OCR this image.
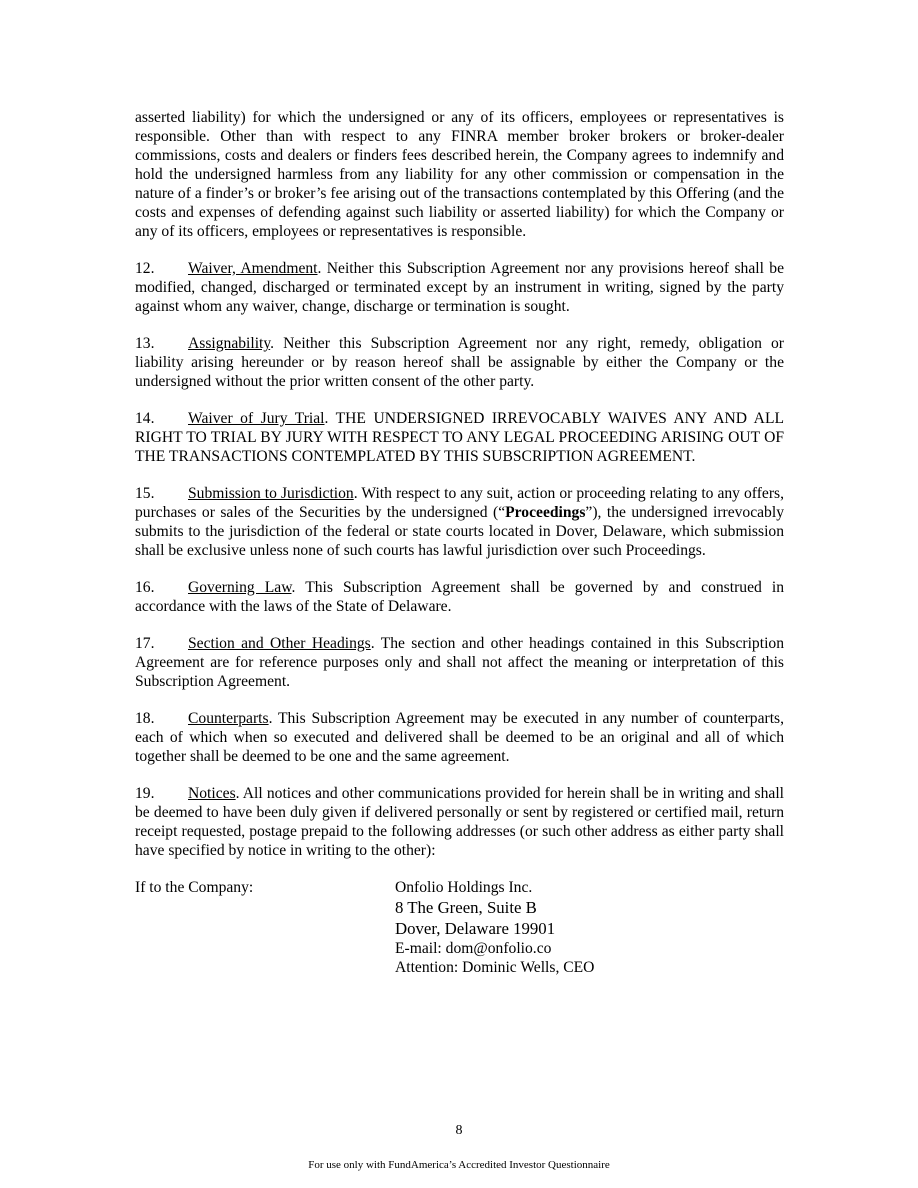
asserted liability) for which the undersigned or any of its officers, employees or representatives is responsible. Other than with respect to any FINRA member broker brokers or broker-dealer commissions, costs and dealers or finders fees described herein, the Company agrees to indemnify and hold the undersigned harmless from any liability for any other commission or compensation in the nature of a finder’s or broker’s fee arising out of the transactions contemplated by this Offering (and the costs and expenses of defending against such liability or asserted liability) for which the Company or any of its officers, employees or representatives is responsible.

12. Waiver, Amendment. Neither this Subscription Agreement nor any provisions hereof shall be modified, changed, discharged or terminated except by an instrument in writing, signed by the party against whom any waiver, change, discharge or termination is sought.

13. Assignability. Neither this Subscription Agreement nor any right, remedy, obligation or liability arising hereunder or by reason hereof shall be assignable by either the Company or the undersigned without the prior written consent of the other party.

14. Waiver of Jury Trial. THE UNDERSIGNED IRREVOCABLY WAIVES ANY AND ALL RIGHT TO TRIAL BY JURY WITH RESPECT TO ANY LEGAL PROCEEDING ARISING OUT OF THE TRANSACTIONS CONTEMPLATED BY THIS SUBSCRIPTION AGREEMENT.

15. Submission to Jurisdiction. With respect to any suit, action or proceeding relating to any offers, purchases or sales of the Securities by the undersigned (“Proceedings”), the undersigned irrevocably submits to the jurisdiction of the federal or state courts located in Dover, Delaware, which submission shall be exclusive unless none of such courts has lawful jurisdiction over such Proceedings.

16. Governing Law. This Subscription Agreement shall be governed by and construed in accordance with the laws of the State of Delaware.

17. Section and Other Headings. The section and other headings contained in this Subscription Agreement are for reference purposes only and shall not affect the meaning or interpretation of this Subscription Agreement.

18. Counterparts. This Subscription Agreement may be executed in any number of counterparts, each of which when so executed and delivered shall be deemed to be an original and all of which together shall be deemed to be one and the same agreement.

19. Notices. All notices and other communications provided for herein shall be in writing and shall be deemed to have been duly given if delivered personally or sent by registered or certified mail, return receipt requested, postage prepaid to the following addresses (or such other address as either party shall have specified by notice in writing to the other):

If to the Company:	Onfolio Holdings Inc.
8 The Green, Suite B
Dover, Delaware 19901
E-mail: dom@onfolio.co
Attention: Dominic Wells, CEO
8
For use only with FundAmerica’s Accredited Investor Questionnaire
